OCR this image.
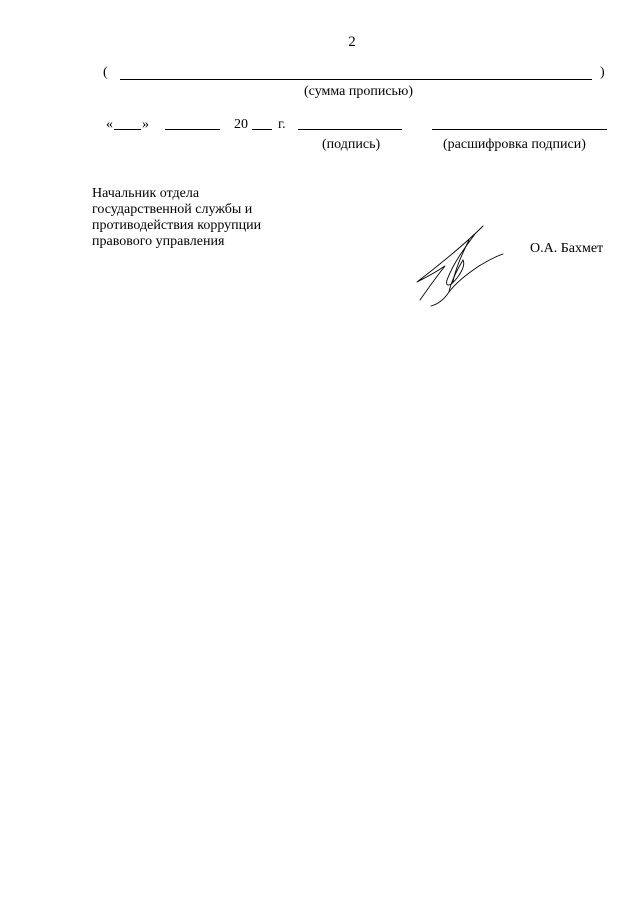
2
(	)
(сумма прописью)
« »	20 г.
(подпись)	(расшифровка подписи)
Начальник отдела
государственной службы и
противодействия коррупции
правового управления	О.А. Бахмет
